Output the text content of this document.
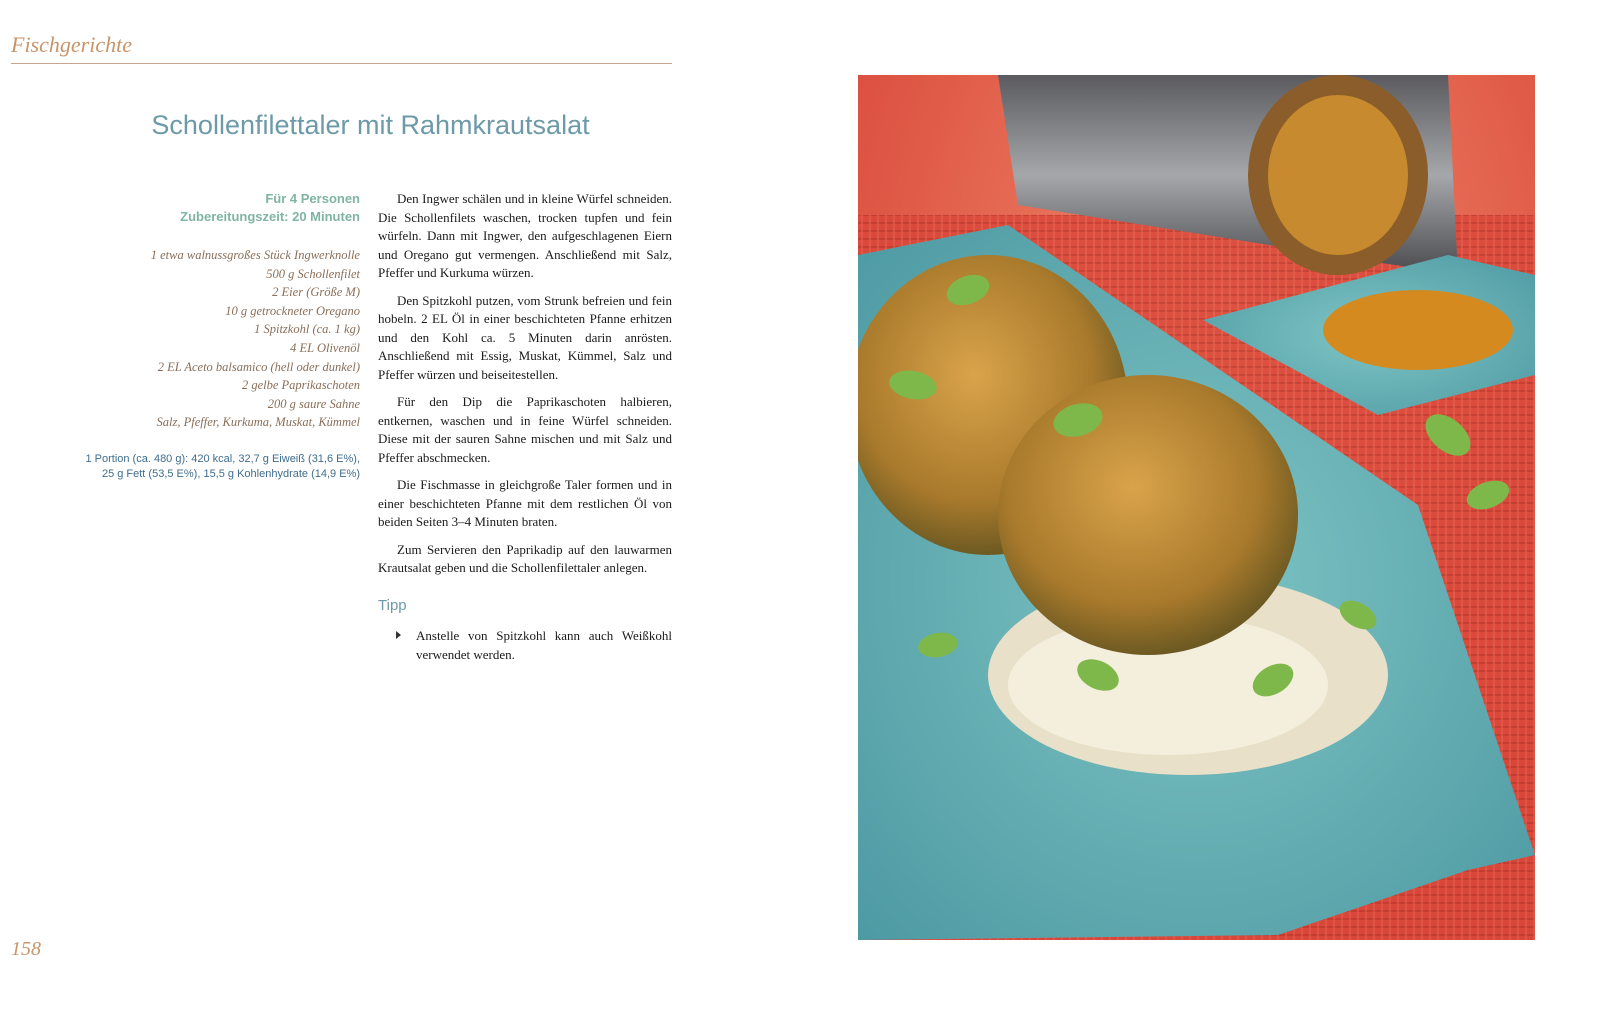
Fischgerichte
Schollenfilettaler mit Rahmkrautsalat
Für 4 Personen
Zubereitungszeit: 20 Minuten
1 etwa walnussgroßes Stück Ingwerknolle
500 g Schollenfilet
2 Eier (Größe M)
10 g getrockneter Oregano
1 Spitzkohl (ca. 1 kg)
4 EL Olivenöl
2 EL Aceto balsamico (hell oder dunkel)
2 gelbe Paprikaschoten
200 g saure Sahne
Salz, Pfeffer, Kurkuma, Muskat, Kümmel
1 Portion (ca. 480 g): 420 kcal, 32,7 g Eiweiß (31,6 E%),
25 g Fett (53,5 E%), 15,5 g Kohlenhydrate (14,9 E%)

Den Ingwer schälen und in kleine Würfel schneiden. Die Schollenfilets waschen, trocken tupfen und fein würfeln. Dann mit Ingwer, den aufgeschlagenen Eiern und Oregano gut vermengen. Anschließend mit Salz, Pfeffer und Kurkuma würzen.

Den Spitzkohl putzen, vom Strunk befreien und fein hobeln. 2 EL Öl in einer beschichteten Pfanne erhitzen und den Kohl ca. 5 Minuten darin anrösten. Anschließend mit Essig, Muskat, Kümmel, Salz und Pfeffer würzen und beiseitestellen.

Für den Dip die Paprikaschoten halbieren, entkernen, waschen und in feine Würfel schneiden. Diese mit der sauren Sahne mischen und mit Salz und Pfeffer abschmecken.

Die Fischmasse in gleichgroße Taler formen und in einer beschichteten Pfanne mit dem restlichen Öl von beiden Seiten 3–4 Minuten braten.

Zum Servieren den Paprikadip auf den lauwarmen Krautsalat geben und die Schollenfilettaler anlegen.

Tipp
Anstelle von Spitzkohl kann auch Weißkohl verwendet werden.
158
